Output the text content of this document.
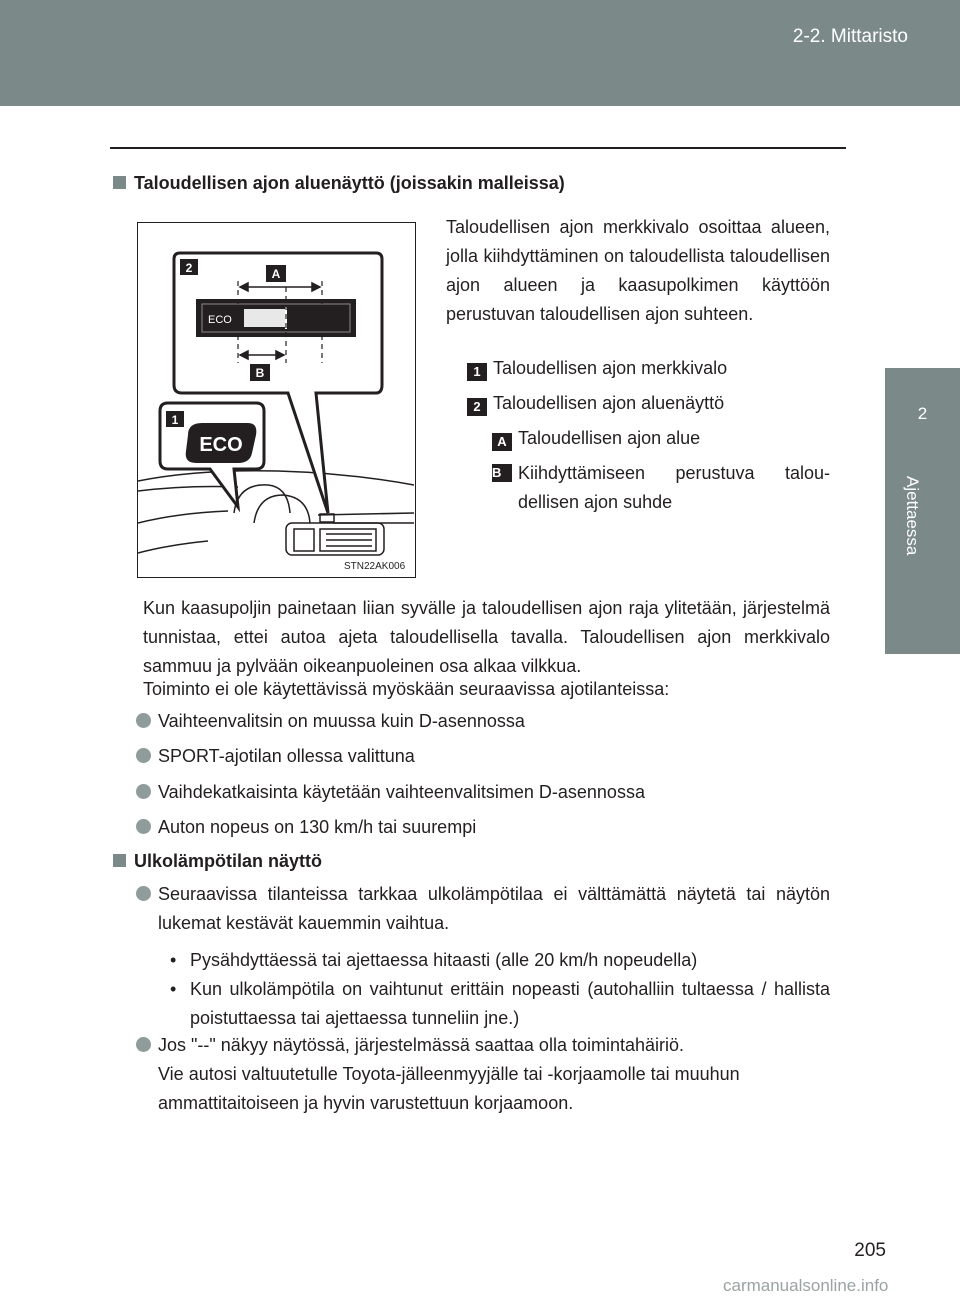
2-2. Mittaristo
2
Ajettaessa
Taloudellisen ajon aluenäyttö (joissakin malleissa)
ECO
2	A
B
1
ECO
STN22AK006
Taloudellisen ajon merkkivalo osoittaa alueen, jolla kiihdyttäminen on taloudellista taloudellisen ajon alueen ja kaasupolkimen käyttöön perustuvan taloudellisen ajon suhteen.
1 Taloudellisen ajon merkkivalo
2 Taloudellisen ajon aluenäyttö
A Taloudellisen ajon alue
B Kiihdyttämiseen perustuva talou-dellisen ajon suhde
Kun kaasupoljin painetaan liian syvälle ja taloudellisen ajon raja ylitetään, järjestelmä tunnistaa, ettei autoa ajeta taloudellisella tavalla. Taloudellisen ajon merkkivalo sammuu ja pylvään oikeanpuoleinen osa alkaa vilkkua.
Toiminto ei ole käytettävissä myöskään seuraavissa ajotilanteissa:
Vaihteenvalitsin on muussa kuin D-asennossa
SPORT-ajotilan ollessa valittuna
Vaihdekatkaisinta käytetään vaihteenvalitsimen D-asennossa
Auton nopeus on 130 km/h tai suurempi
Ulkolämpötilan näyttö
Seuraavissa tilanteissa tarkkaa ulkolämpötilaa ei välttämättä näytetä tai näytön lukemat kestävät kauemmin vaihtua.
• Pysähdyttäessä tai ajettaessa hitaasti (alle 20 km/h nopeudella)
• Kun ulkolämpötila on vaihtunut erittäin nopeasti (autohalliin tultaessa / hallista poistuttaessa tai ajettaessa tunneliin jne.)
Jos "--" näkyy näytössä, järjestelmässä saattaa olla toimintahäiriö.
Vie autosi valtuutetulle Toyota-jälleenmyyjälle tai -korjaamolle tai muuhun ammattitaitoiseen ja hyvin varustettuun korjaamoon.
205
carmanualsonline.info
